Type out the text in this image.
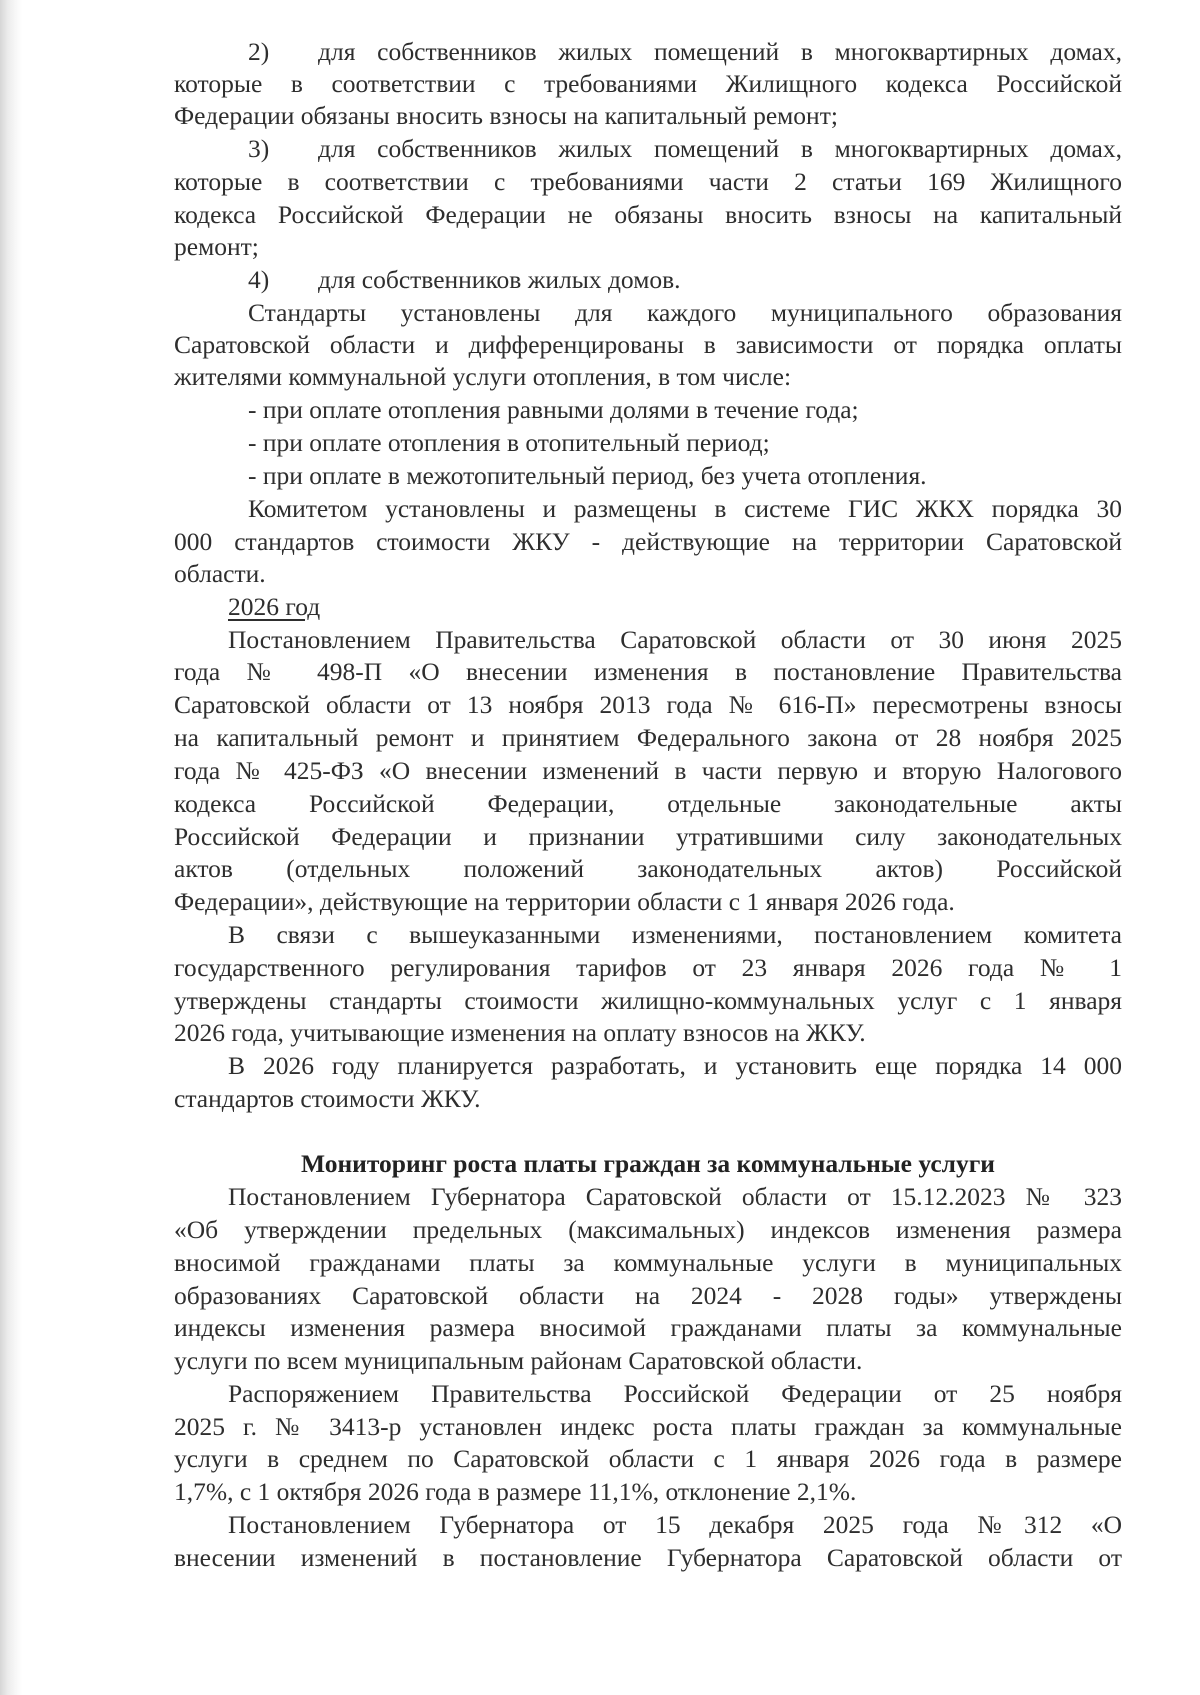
2)	для собственников жилых помещений в многоквартирных домах,
которые в соответствии с требованиями Жилищного кодекса Российской
Федерации обязаны вносить взносы на капитальный ремонт;
3)	для собственников жилых помещений в многоквартирных домах,
которые в соответствии с требованиями части 2 статьи 169 Жилищного
кодекса Российской Федерации не обязаны вносить взносы на капитальный
ремонт;
4)	для собственников жилых домов.
Стандарты установлены для каждого муниципального образования
Саратовской области и дифференцированы в зависимости от порядка оплаты
жителями коммунальной услуги отопления, в том числе:
- при оплате отопления равными долями в течение года;
- при оплате отопления в отопительный период;
- при оплате в межотопительный период, без учета отопления.
Комитетом установлены и размещены в системе ГИС ЖКХ порядка 30
000 стандартов стоимости ЖКУ - действующие на территории Саратовской
области.
2026 год
Постановлением Правительства Саратовской области от 30 июня 2025
года № 498-П «О внесении изменения в постановление Правительства
Саратовской области от 13 ноября 2013 года № 616-П» пересмотрены взносы
на капитальный ремонт и принятием Федерального закона от 28 ноября 2025
года № 425-ФЗ «О внесении изменений в части первую и вторую Налогового
кодекса Российской Федерации, отдельные законодательные акты
Российской Федерации и признании утратившими силу законодательных
актов (отдельных положений законодательных актов) Российской
Федерации», действующие на территории области с 1 января 2026 года.
В связи с вышеуказанными изменениями, постановлением комитета
государственного регулирования тарифов от 23 января 2026 года № 1
утверждены стандарты стоимости жилищно-коммунальных услуг с 1 января
2026 года, учитывающие изменения на оплату взносов на ЖКУ.
В 2026 году планируется разработать, и установить еще порядка 14 000
стандартов стоимости ЖКУ.
Мониторинг роста платы граждан за коммунальные услуги
Постановлением Губернатора Саратовской области от 15.12.2023 № 323
«Об утверждении предельных (максимальных) индексов изменения размера
вносимой гражданами платы за коммунальные услуги в муниципальных
образованиях Саратовской области на 2024 - 2028 годы» утверждены
индексы изменения размера вносимой гражданами платы за коммунальные
услуги по всем муниципальным районам Саратовской области.
Распоряжением Правительства Российской Федерации от 25 ноября
2025 г. № 3413-р установлен индекс роста платы граждан за коммунальные
услуги в среднем по Саратовской области с 1 января 2026 года в размере
1,7%, с 1 октября 2026 года в размере 11,1%, отклонение 2,1%.
Постановлением Губернатора от 15 декабря 2025 года №312 «О
внесении изменений в постановление Губернатора Саратовской области от
